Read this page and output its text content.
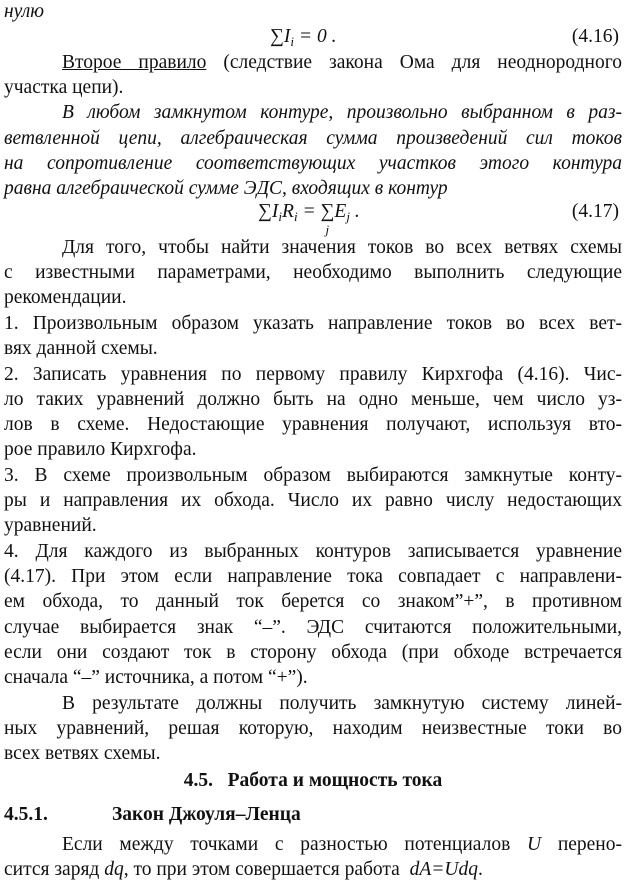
нулю
$\sum I_i = 0$ .	(4.16)
Второе правило (следствие закона Ома для неоднородного
участка цепи).
В любом замкнутом контуре, произвольно выбранном в раз-
ветвленной цепи, алгебраическая сумма произведений сил токов
на сопротивление соответствующих участков этого контура
равна алгебраической сумме ЭДС, входящих в контур
$\sum I_iR_i$ = ∑
j
$E_j$ .	(4.17)
Для того, чтобы найти значения токов во всех ветвях схемы
с известными параметрами, необходимо выполнить следующие
рекомендации.
1. Произвольным образом указать направление токов во всех вет-
вях данной схемы.
2. Записать уравнения по первому правилу Кирхгофа (4.16). Чис-
ло таких уравнений должно быть на одно меньше, чем число уз-
лов в схеме. Недостающие уравнения получают, используя вто-
рое правило Кирхгофа.
3. В схеме произвольным образом выбираются замкнутые конту-
ры и направления их обхода. Число их равно числу недостающих
уравнений.
4. Для каждого из выбранных контуров записывается уравнение
(4.17). При этом если направление тока совпадает с направлени-
ем обхода, то данный ток берется со знаком”+”, в противном
случае выбирается знак “–”. ЭДС считаются положительными,
если они создают ток в сторону обхода (при обходе встречается
сначала “–” источника, а потом “+”).
В результате должны получить замкнутую систему линей-
ных уравнений, решая которую, находим неизвестные токи во
всех ветвях схемы.
4.5.   Работа и мощность тока
4.5.1.	Закон Джоуля–Ленца
Если между точками с разностью потенциалов U перено-
сится заряд dq, то при этом совершается работа  dA=Udq.
